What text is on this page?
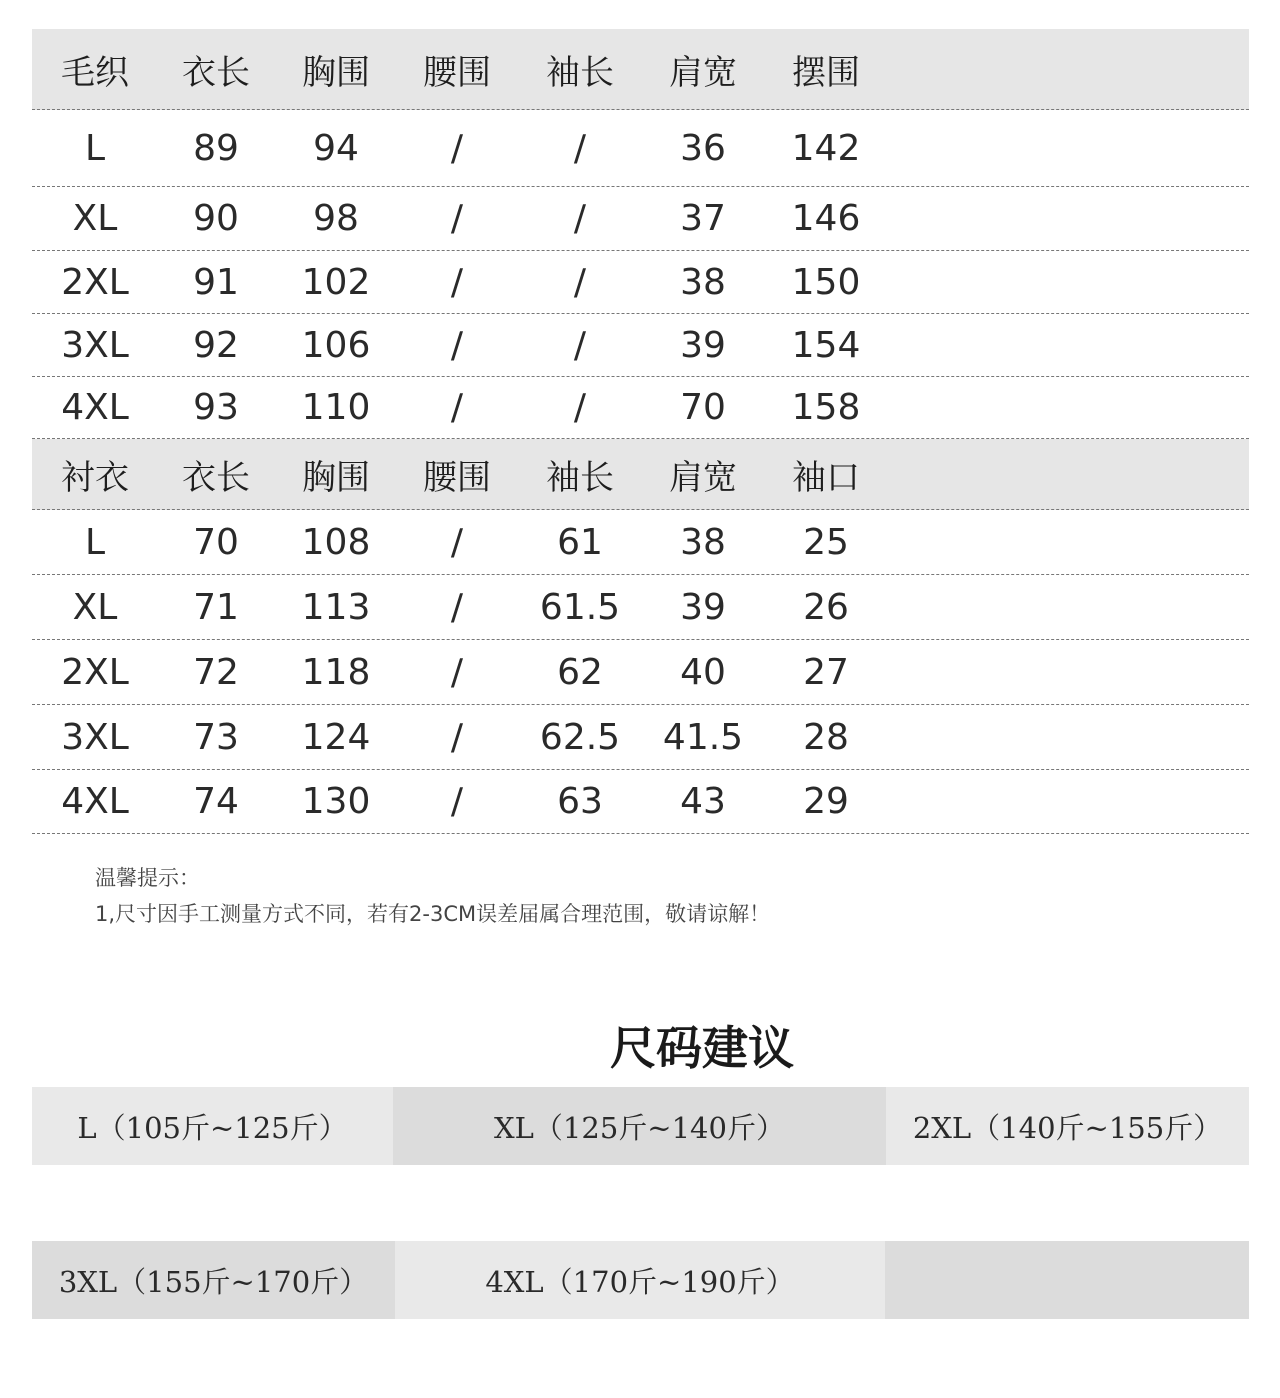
毛织	衣长	胸围	腰围	袖长	肩宽	摆围
L	89	94	/	/	36	142
XL	90	98	/	/	37	146
2XL	91	102	/	/	38	150
3XL	92	106	/	/	39	154
4XL	93	110	/	/	70	158
衬衣	衣长	胸围	腰围	袖长	肩宽	袖口
L	70	108	/	61	38	25
XL	71	113	/	61.5	39	26
2XL	72	118	/	62	40	27
3XL	73	124	/	62.5	41.5	28
4XL	74	130	/	63	43	29
温馨提示：
1,尺寸因手工测量方式不同，若有2-3CM误差届属合理范围，敬请谅解！
尺码建议
L（105斤~125斤）	XL（125斤~140斤）	2XL（140斤~155斤）
3XL（155斤~170斤）	4XL（170斤~190斤）
